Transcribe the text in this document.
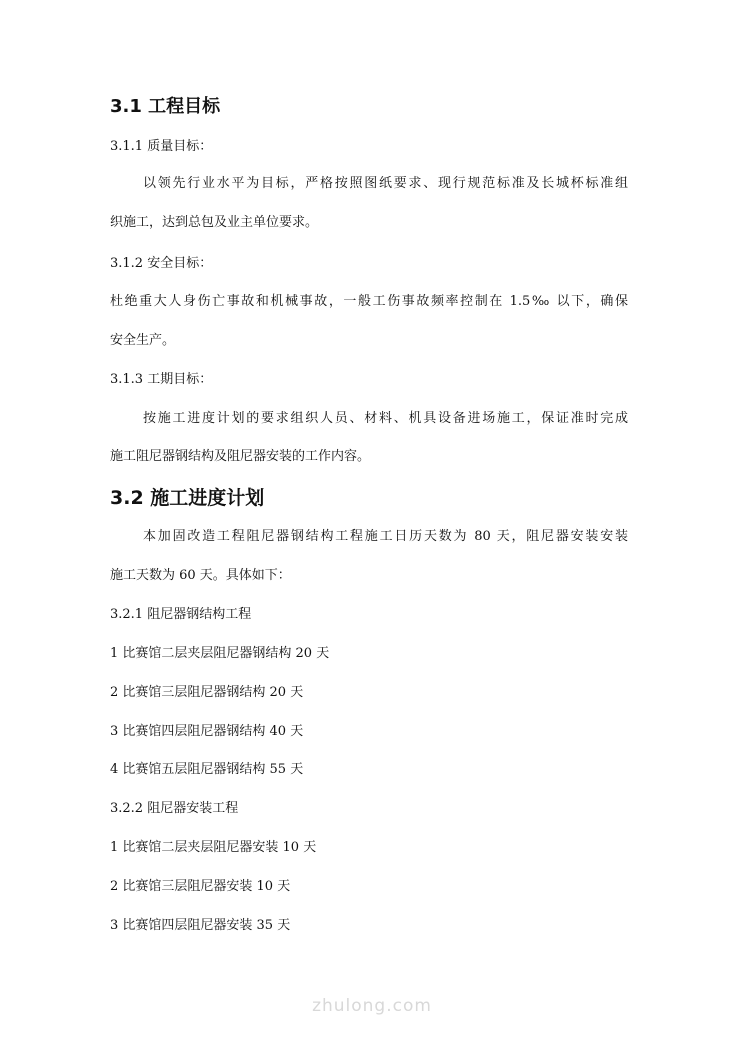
3.1 工程目标
3.1.1 质量目标：
以领先行业水平为目标，严格按照图纸要求、现行规范标准及长城杯标准组
织施工，达到总包及业主单位要求。
3.1.2 安全目标：
杜绝重大人身伤亡事故和机械事故，一般工伤事故频率控制在 1.5‰ 以下，确保
安全生产。
3.1.3 工期目标：
按施工进度计划的要求组织人员、材料、机具设备进场施工，保证准时完成
施工阻尼器钢结构及阻尼器安装的工作内容。
3.2 施工进度计划
本加固改造工程阻尼器钢结构工程施工日历天数为 80 天，阻尼器安装安装
施工天数为 60 天。具体如下：
3.2.1 阻尼器钢结构工程
1 比赛馆二层夹层阻尼器钢结构 20 天
2 比赛馆三层阻尼器钢结构 20 天
3 比赛馆四层阻尼器钢结构 40 天
4 比赛馆五层阻尼器钢结构 55 天
3.2.2 阻尼器安装工程
1 比赛馆二层夹层阻尼器安装 10 天
2 比赛馆三层阻尼器安装 10 天
3 比赛馆四层阻尼器安装 35 天
zhulong.com
